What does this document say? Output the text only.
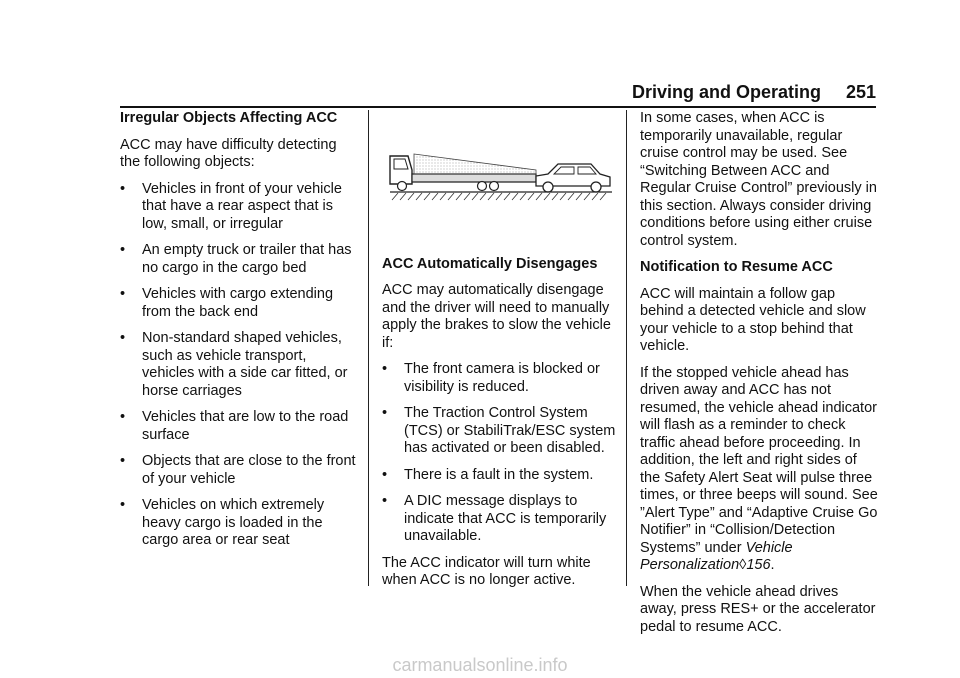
Driving and Operating 251
Irregular Objects Affecting ACC

ACC may have difficulty detecting the following objects:

•	Vehicles in front of your vehicle that have a rear aspect that is low, small, or irregular
•	An empty truck or trailer that has no cargo in the cargo bed
•	Vehicles with cargo extending from the back end
•	Non-standard shaped vehicles, such as vehicle transport, vehicles with a side car fitted, or horse carriages
•	Vehicles that are low to the road surface
•	Objects that are close to the front of your vehicle
•	Vehicles on which extremely heavy cargo is loaded in the cargo area or rear seat
ACC Automatically Disengages

ACC may automatically disengage and the driver will need to manually apply the brakes to slow the vehicle if:

•	The front camera is blocked or visibility is reduced.
•	The Traction Control System (TCS) or StabiliTrak/ESC system has activated or been disabled.
•	There is a fault in the system.
•	A DIC message displays to indicate that ACC is temporarily unavailable.

The ACC indicator will turn white when ACC is no longer active.

In some cases, when ACC is temporarily unavailable, regular cruise control may be used. See “Switching Between ACC and Regular Cruise Control” previously in this section. Always consider driving conditions before using either cruise control system.

Notification to Resume ACC

ACC will maintain a follow gap behind a detected vehicle and slow your vehicle to a stop behind that vehicle.

If the stopped vehicle ahead has driven away and ACC has not resumed, the vehicle ahead indicator will flash as a reminder to check traffic ahead before proceeding. In addition, the left and right sides of the Safety Alert Seat will pulse three times, or three beeps will sound. See ”Alert Type” and “Adaptive Cruise Go Notifier” in “Collision/Detection Systems” under Vehicle Personalization◊156.

When the vehicle ahead drives away, press RES+ or the accelerator pedal to resume ACC.

carmanualsonline.info
